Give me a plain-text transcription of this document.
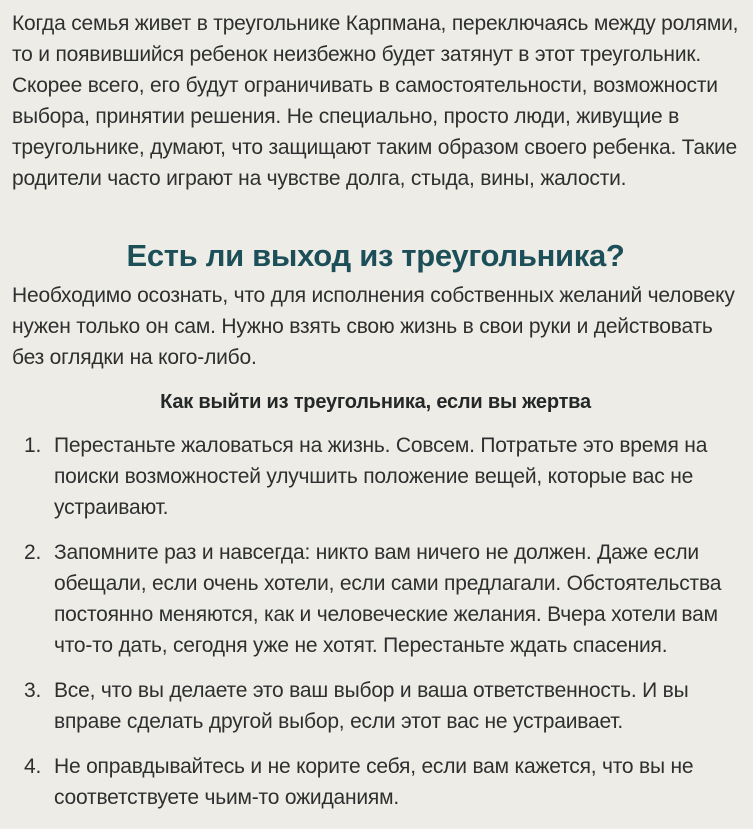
Когда семья живет в треугольнике Карпмана, переключаясь между ролями, то и появившийся ребенок неизбежно будет затянут в этот треугольник. Скорее всего, его будут ограничивать в самостоятельности, возможности выбора, принятии решения. Не специально, просто люди, живущие в треугольнике, думают, что защищают таким образом своего ребенка. Такие родители часто играют на чувстве долга, стыда, вины, жалости.

Есть ли выход из треугольника?

Необходимо осознать, что для исполнения собственных желаний человеку нужен только он сам. Нужно взять свою жизнь в свои руки и действовать без оглядки на кого-либо.

Как выйти из треугольника, если вы жертва
1. Перестаньте жаловаться на жизнь. Совсем. Потратьте это время на поиски возможностей улучшить положение вещей, которые вас не устраивают.
2. Запомните раз и навсегда: никто вам ничего не должен. Даже если обещали, если очень хотели, если сами предлагали. Обстоятельства постоянно меняются, как и человеческие желания. Вчера хотели вам что-то дать, сегодня уже не хотят. Перестаньте ждать спасения.
3. Все, что вы делаете это ваш выбор и ваша ответственность. И вы вправе сделать другой выбор, если этот вас не устраивает.
4. Не оправдывайтесь и не корите себя, если вам кажется, что вы не соответствуете чьим-то ожиданиям.
